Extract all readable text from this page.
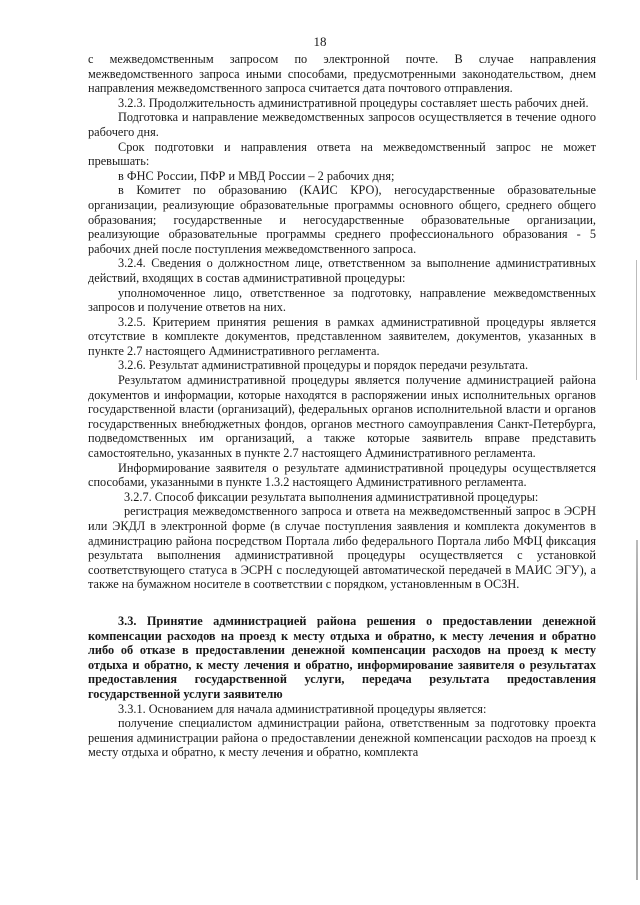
18

с межведомственным запросом по электронной почте. В случае направления межведомственного запроса иными способами, предусмотренными законодательством, днем направления межведомственного запроса считается дата почтового отправления.

3.2.3. Продолжительность административной процедуры составляет шесть рабочих дней.

Подготовка и направление межведомственных запросов осуществляется в течение одного рабочего дня.

Срок подготовки и направления ответа на межведомственный запрос не может превышать:

в ФНС России, ПФР и МВД России – 2 рабочих дня;

в Комитет по образованию (КАИС КРО), негосударственные образовательные организации, реализующие образовательные программы основного общего, среднего общего образования; государственные и негосударственные образовательные организации, реализующие образовательные программы среднего профессионального образования - 5 рабочих дней после поступления межведомственного запроса.

3.2.4. Сведения о должностном лице, ответственном за выполнение административных действий, входящих в состав административной процедуры:

уполномоченное лицо, ответственное за подготовку, направление межведомственных запросов и получение ответов на них.

3.2.5. Критерием принятия решения в рамках административной процедуры является отсутствие в комплекте документов, представленном заявителем, документов, указанных в пункте 2.7 настоящего Административного регламента.

3.2.6. Результат административной процедуры и порядок передачи результата.

Результатом административной процедуры является получение администрацией района документов и информации, которые находятся в распоряжении иных исполнительных органов государственной власти (организаций), федеральных органов исполнительной власти и органов государственных внебюджетных фондов, органов местного самоуправления Санкт-Петербурга, подведомственных им организаций, а также которые заявитель вправе представить самостоятельно, указанных в пункте 2.7 настоящего Административного регламента.

Информирование заявителя о результате административной процедуры осуществляется способами, указанными в пункте 1.3.2 настоящего Административного регламента.

3.2.7. Способ фиксации результата выполнения административной процедуры:

регистрация межведомственного запроса и ответа на межведомственный запрос в ЭСРН или ЭКДЛ в электронной форме (в случае поступления заявления и комплекта документов в администрацию района посредством Портала либо федерального Портала либо МФЦ фиксация результата выполнения административной процедуры осуществляется с установкой соответствующего статуса в ЭСРН с последующей автоматической передачей в МАИС ЭГУ), а также на бумажном носителе в соответствии с порядком, установленным в ОСЗН.

3.3. Принятие администрацией района решения о предоставлении денежной компенсации расходов на проезд к месту отдыха и обратно, к месту лечения и обратно либо об отказе в предоставлении денежной компенсации расходов на проезд к месту отдыха и обратно, к месту лечения и обратно, информирование заявителя о результатах предоставления государственной услуги, передача результата предоставления государственной услуги заявителю

3.3.1. Основанием для начала административной процедуры является:

получение специалистом администрации района, ответственным за подготовку проекта решения администрации района о предоставлении денежной компенсации расходов на проезд к месту отдыха и обратно, к месту лечения и обратно, комплекта
